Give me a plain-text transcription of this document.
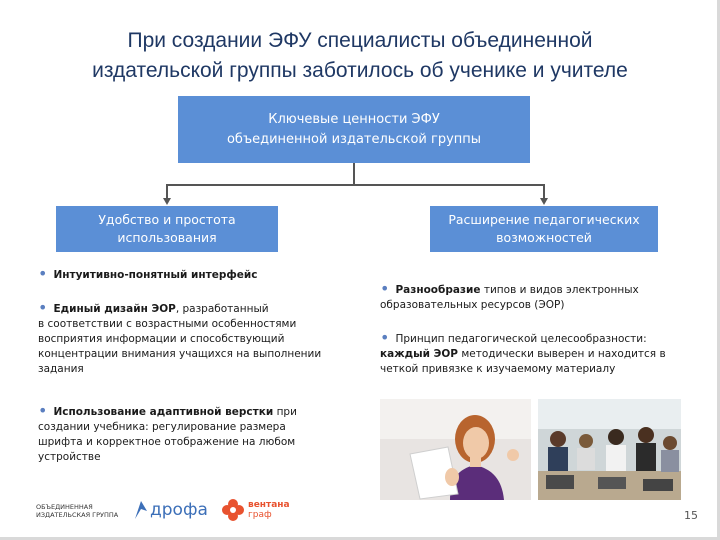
При создании ЭФУ специалисты объединенной
издательской группы заботилось об ученике и учителе
Ключевые ценности ЭФУ
объединенной издательской группы
Удобство и простота
использования
Расширение педагогических
возможностей
• Интуитивно-понятный интерфейс
• Единый дизайн ЭОР, разработанный
в соответствии с возрастными особенностями восприятия информации и способствующий концентрации внимания учащихся на выполнении задания
• Использование адаптивной верстки при создании учебника: регулирование размера шрифта и корректное отображение на любом устройстве
• Разнообразие типов и видов электронных образовательных ресурсов (ЭОР)
• Принцип педагогической целесообразности: каждый ЭОР методически выверен и находится в четкой привязке к изучаемому материалу
ОБЪЕДИНЕННАЯ
ИЗДАТЕЛЬСКАЯ ГРУППА	дрофа	вентана
граф	15
